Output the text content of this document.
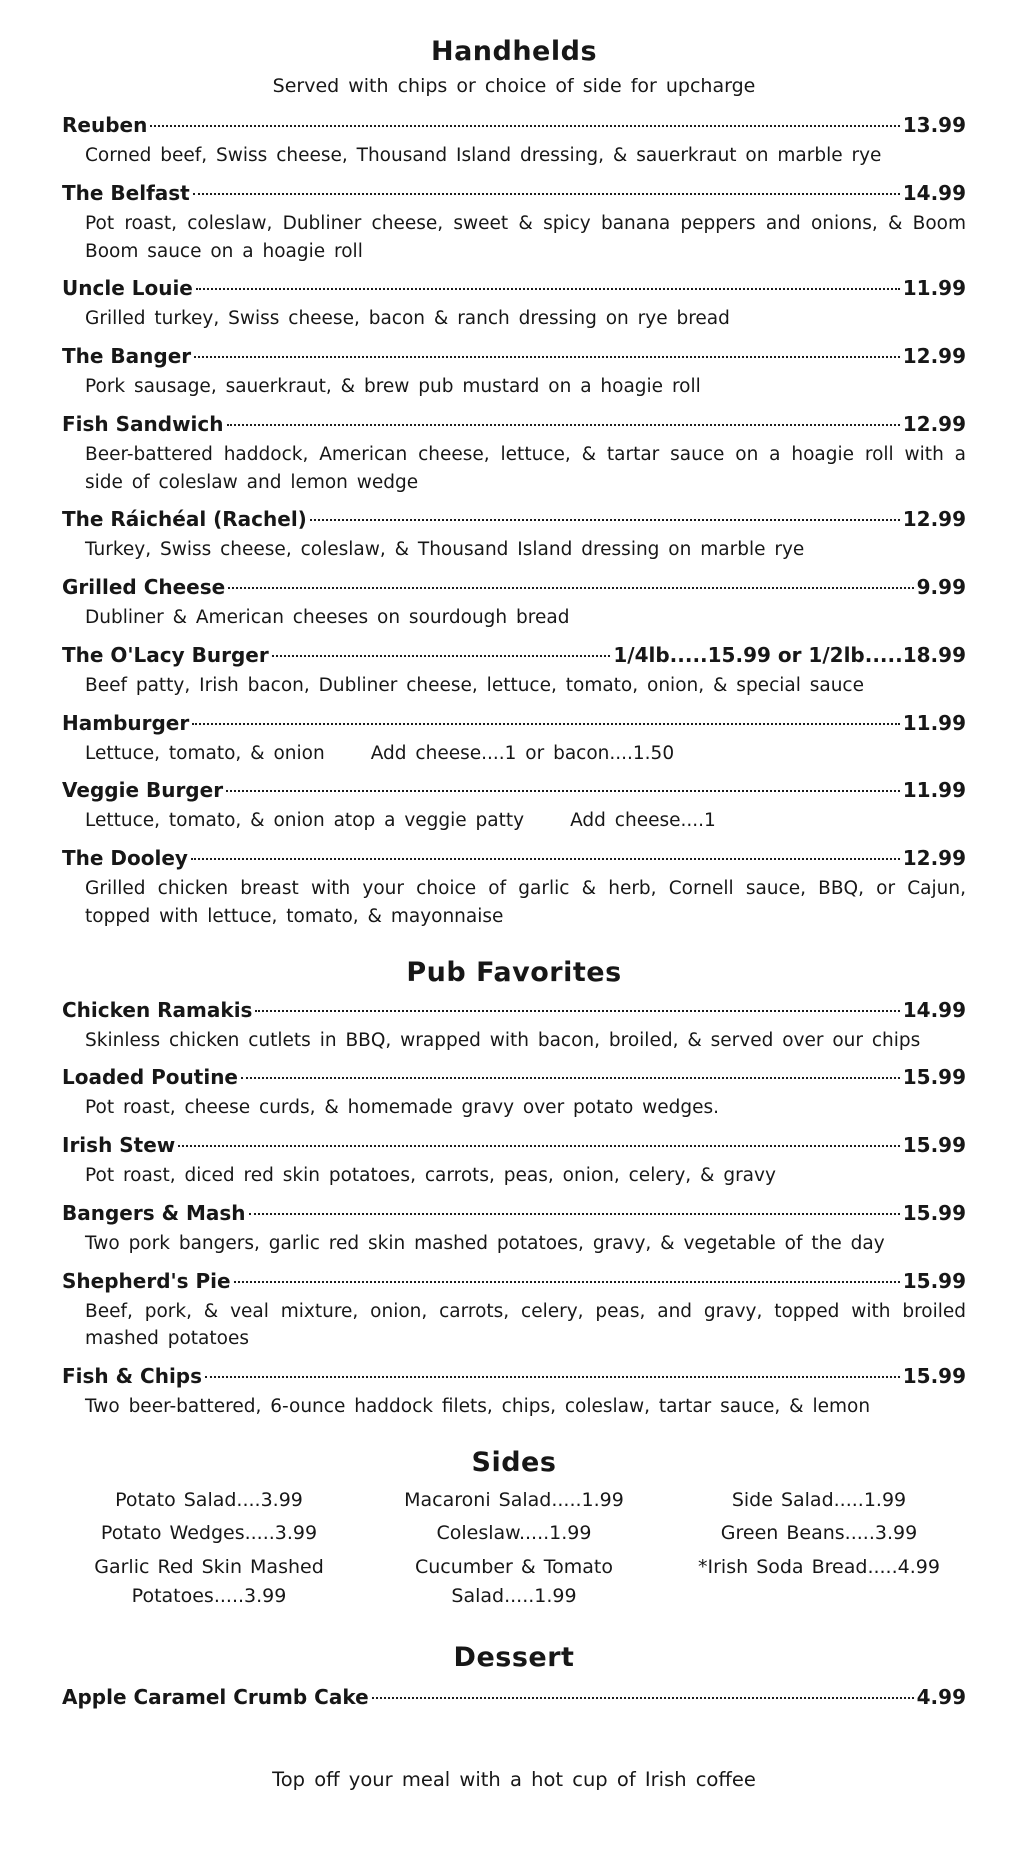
Handhelds

Served with chips or choice of side for upcharge

Reuben	13.99

Corned beef, Swiss cheese, Thousand Island dressing, & sauerkraut on marble rye

The Belfast	14.99

Pot roast, coleslaw, Dubliner cheese, sweet & spicy banana peppers and onions, & Boom Boom sauce on a hoagie roll

Uncle Louie	11.99

Grilled turkey, Swiss cheese, bacon & ranch dressing on rye bread

The Banger	12.99

Pork sausage, sauerkraut, & brew pub mustard on a hoagie roll

Fish Sandwich	12.99

Beer-battered haddock, American cheese, lettuce, & tartar sauce on a hoagie roll with a side of coleslaw and lemon wedge

The Ráichéal (Rachel)	12.99

Turkey, Swiss cheese, coleslaw, & Thousand Island dressing on marble rye

Grilled Cheese	9.99

Dubliner & American cheeses on sourdough bread

The O'Lacy Burger	1/4lb.....15.99 or 1/2lb.....18.99

Beef patty, Irish bacon, Dubliner cheese, lettuce, tomato, onion, & special sauce

Hamburger	11.99

Lettuce, tomato, & onion Add cheese....1 or bacon....1.50

Veggie Burger	11.99

Lettuce, tomato, & onion atop a veggie patty Add cheese....1

The Dooley	12.99

Grilled chicken breast with your choice of garlic & herb, Cornell sauce, BBQ, or Cajun, topped with lettuce, tomato, & mayonnaise

Pub Favorites
Chicken Ramakis	14.99

Skinless chicken cutlets in BBQ, wrapped with bacon, broiled, & served over our chips

Loaded Poutine	15.99

Pot roast, cheese curds, & homemade gravy over potato wedges.

Irish Stew	15.99

Pot roast, diced red skin potatoes, carrots, peas, onion, celery, & gravy

Bangers & Mash	15.99

Two pork bangers, garlic red skin mashed potatoes, gravy, & vegetable of the day

Shepherd's Pie	15.99

Beef, pork, & veal mixture, onion, carrots, celery, peas, and gravy, topped with broiled mashed potatoes

Fish & Chips	15.99

Two beer-battered, 6-ounce haddock filets, chips, coleslaw, tartar sauce, & lemon

Sides

Potato Salad....3.99

Potato Wedges.....3.99

Garlic Red Skin Mashed Potatoes.....3.99

Macaroni Salad.....1.99

Coleslaw.....1.99

Cucumber & Tomato Salad.....1.99

Side Salad.....1.99

Green Beans.....3.99

*Irish Soda Bread.....4.99

Dessert
Apple Caramel Crumb Cake	4.99

Top off your meal with a hot cup of Irish coffee
